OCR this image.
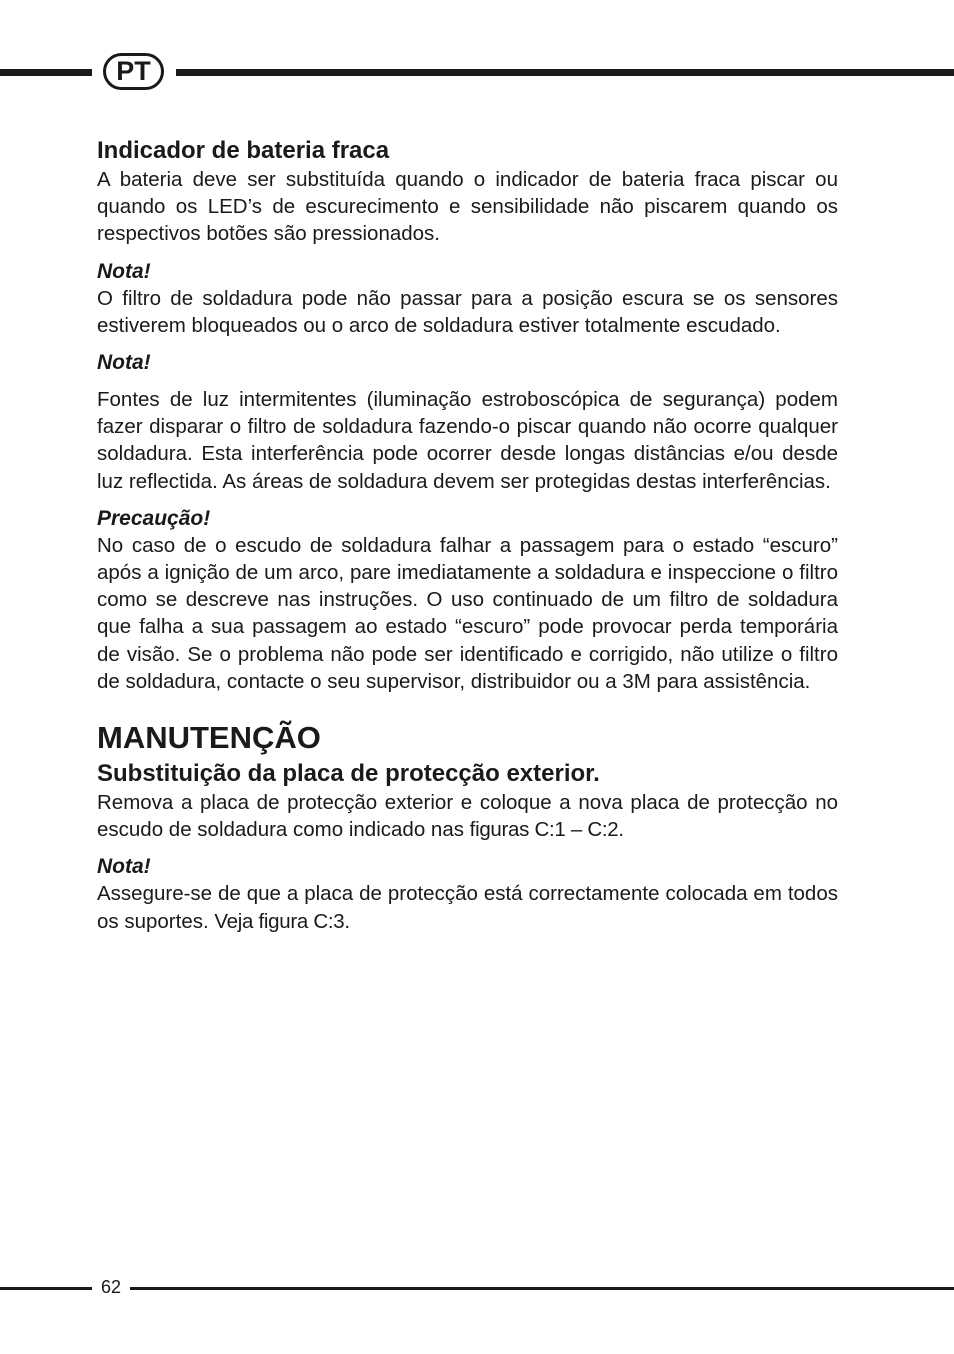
PT

Indicador de bateria fraca

A bateria deve ser substituída quando o indicador de bateria fraca piscar ou quando os LED’s de escurecimento e sensibilidade não piscarem quando os respectivos botões são pressionados.

Nota!

O filtro de soldadura pode não passar para a posição escura se os sensores estiverem bloqueados ou o arco de soldadura estiver totalmente escudado.

Nota!

Fontes de luz intermitentes (iluminação estroboscópica de segurança) podem fazer disparar o filtro de soldadura fazendo-o piscar quando não ocorre qualquer soldadura. Esta interferência pode ocorrer desde longas distâncias e/ou desde luz reflectida. As áreas de soldadura devem ser protegidas destas interferências.

Precaução!

No caso de o escudo de soldadura falhar a passagem para o estado “escuro” após a ignição de um arco, pare imediatamente a soldadura e inspeccione o filtro como se descreve nas instruções. O uso continuado de um filtro de soldadura que falha a sua passagem ao estado “escuro” pode provocar perda temporária de visão. Se o problema não pode ser identificado e corrigido, não utilize o filtro de soldadura, contacte o seu supervisor, distribuidor ou a 3M para assistência.

MANUTENÇÃO

Substituição da placa de protecção exterior.

Remova a placa de protecção exterior e coloque a nova placa de protecção no escudo de soldadura como indicado nas figuras C:1 – C:2.

Nota!

Assegure-se de que a placa de protecção está correctamente colocada em todos os suportes. Veja figura C:3.

62
